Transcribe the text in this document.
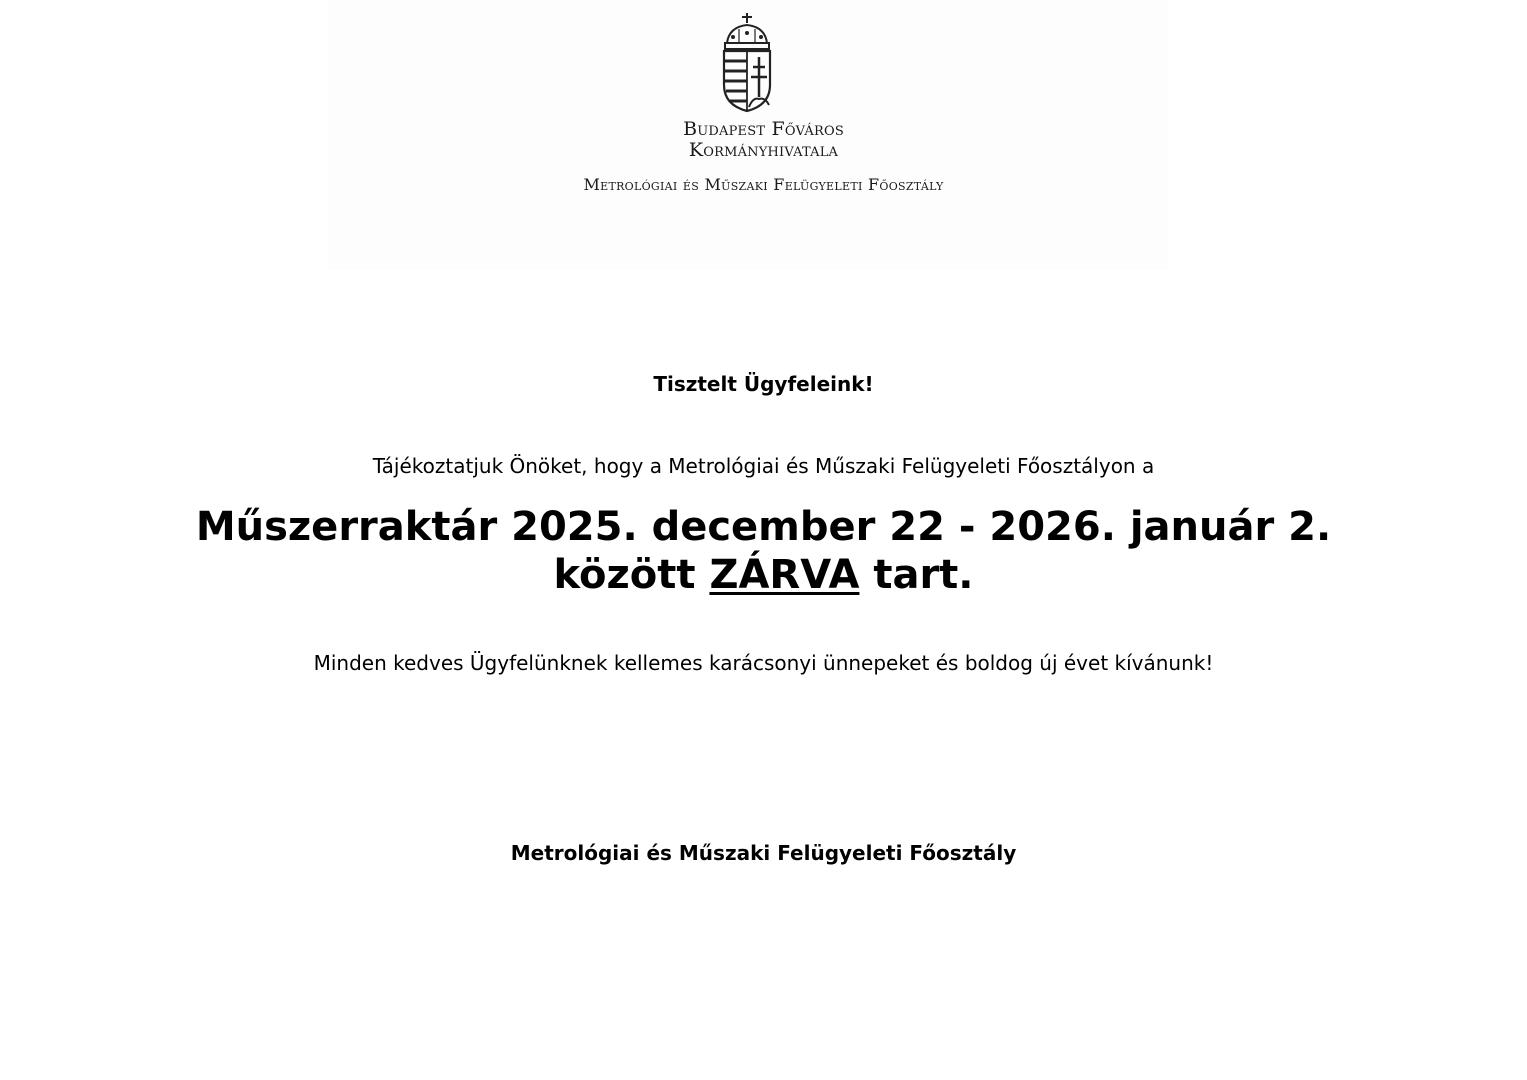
Budapest Főváros
Kormányhivatala
Metrológiai és Műszaki Felügyeleti Főosztály
Tisztelt Ügyfeleink!
Tájékoztatjuk Önöket, hogy a Metrológiai és Műszaki Felügyeleti Főosztályon a
Műszerraktár 2025. december 22 - 2026. január 2.
között ZÁRVA tart.
Minden kedves Ügyfelünknek kellemes karácsonyi ünnepeket és boldog új évet kívánunk!
Metrológiai és Műszaki Felügyeleti Főosztály
